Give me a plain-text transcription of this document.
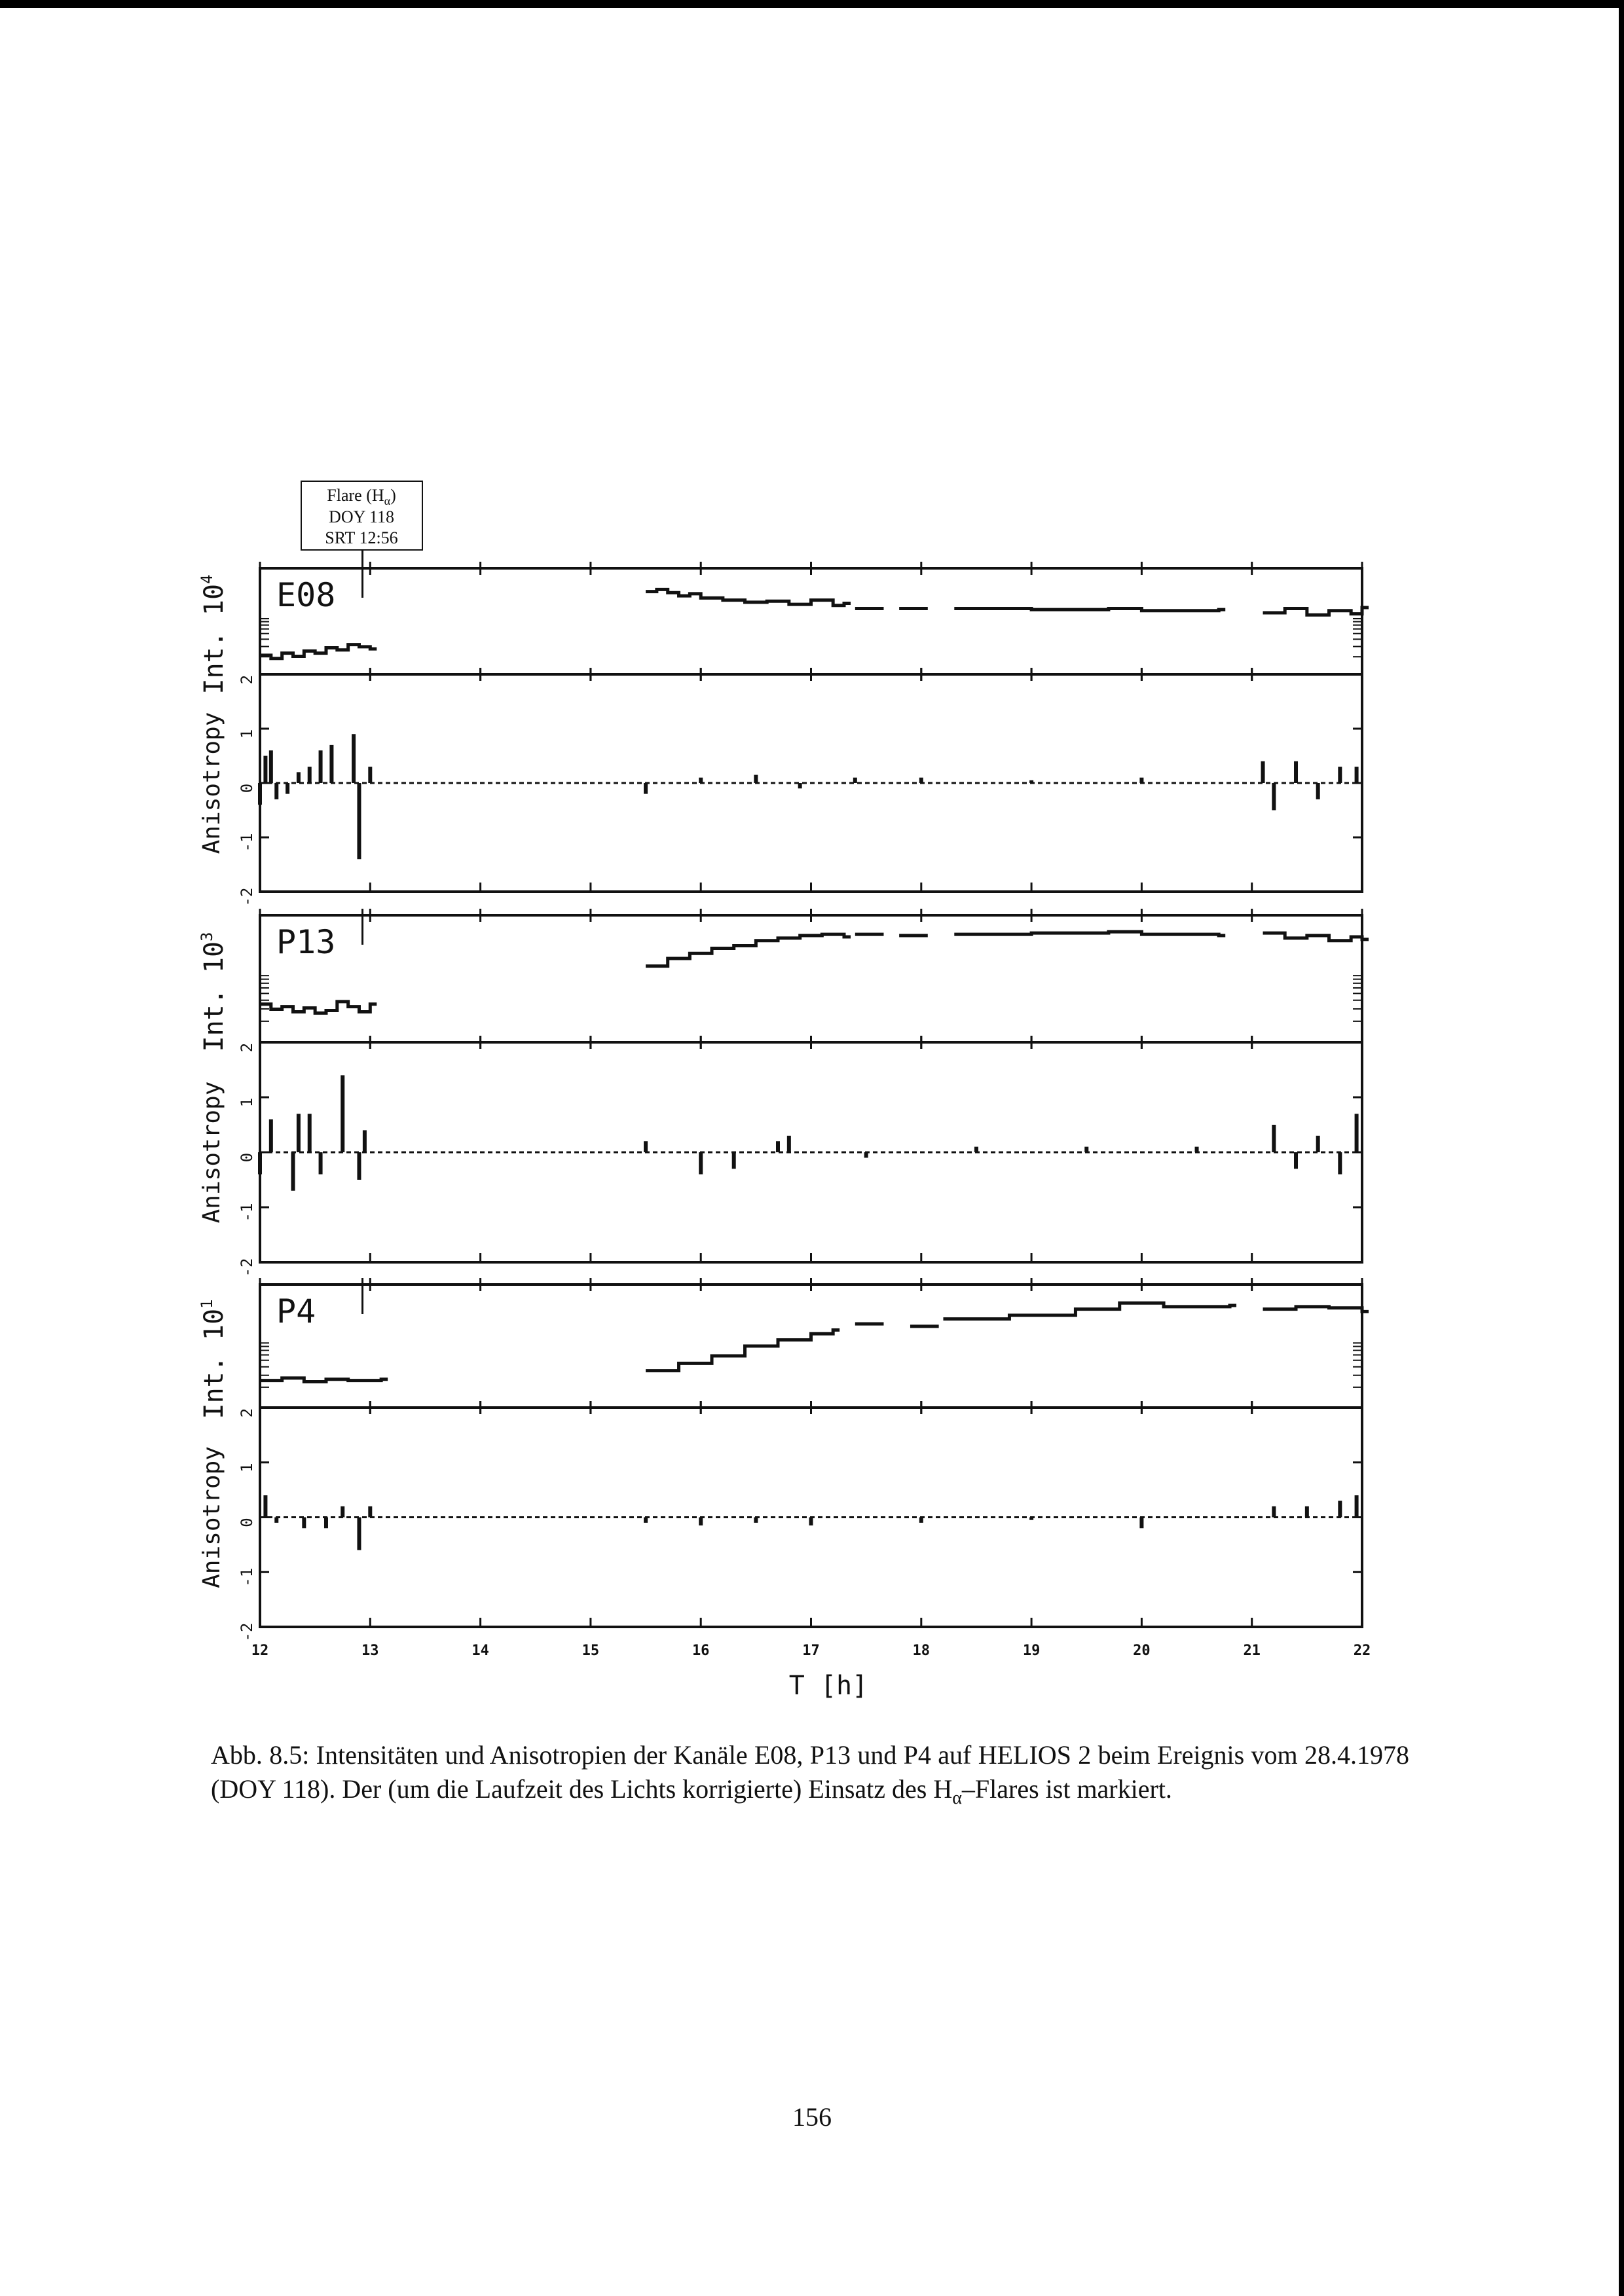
Flare $(H_\alpha)$
DOY 118
SRT 12:56
E08
Int. $10^4$
Anisotropy
2
1
0
-1
-2
P13
Int. $10^3$
Anisotropy
2
1
0
-1
-2
P4
Int. $10^1$
Anisotropy
2
1
0
-1
-2
12	13	14	15	16	17	18	19	20	21	22
T [h]
Abb. 8.5: Intensitäten und Anisotropien der Kanäle E08, P13 und P4 auf HELIOS 2 beim Ereignis vom 28.4.1978 (DOY 118). Der (um die Laufzeit des Lichts korrigierte) Einsatz des $H_\alpha$–Flares ist markiert.
156
